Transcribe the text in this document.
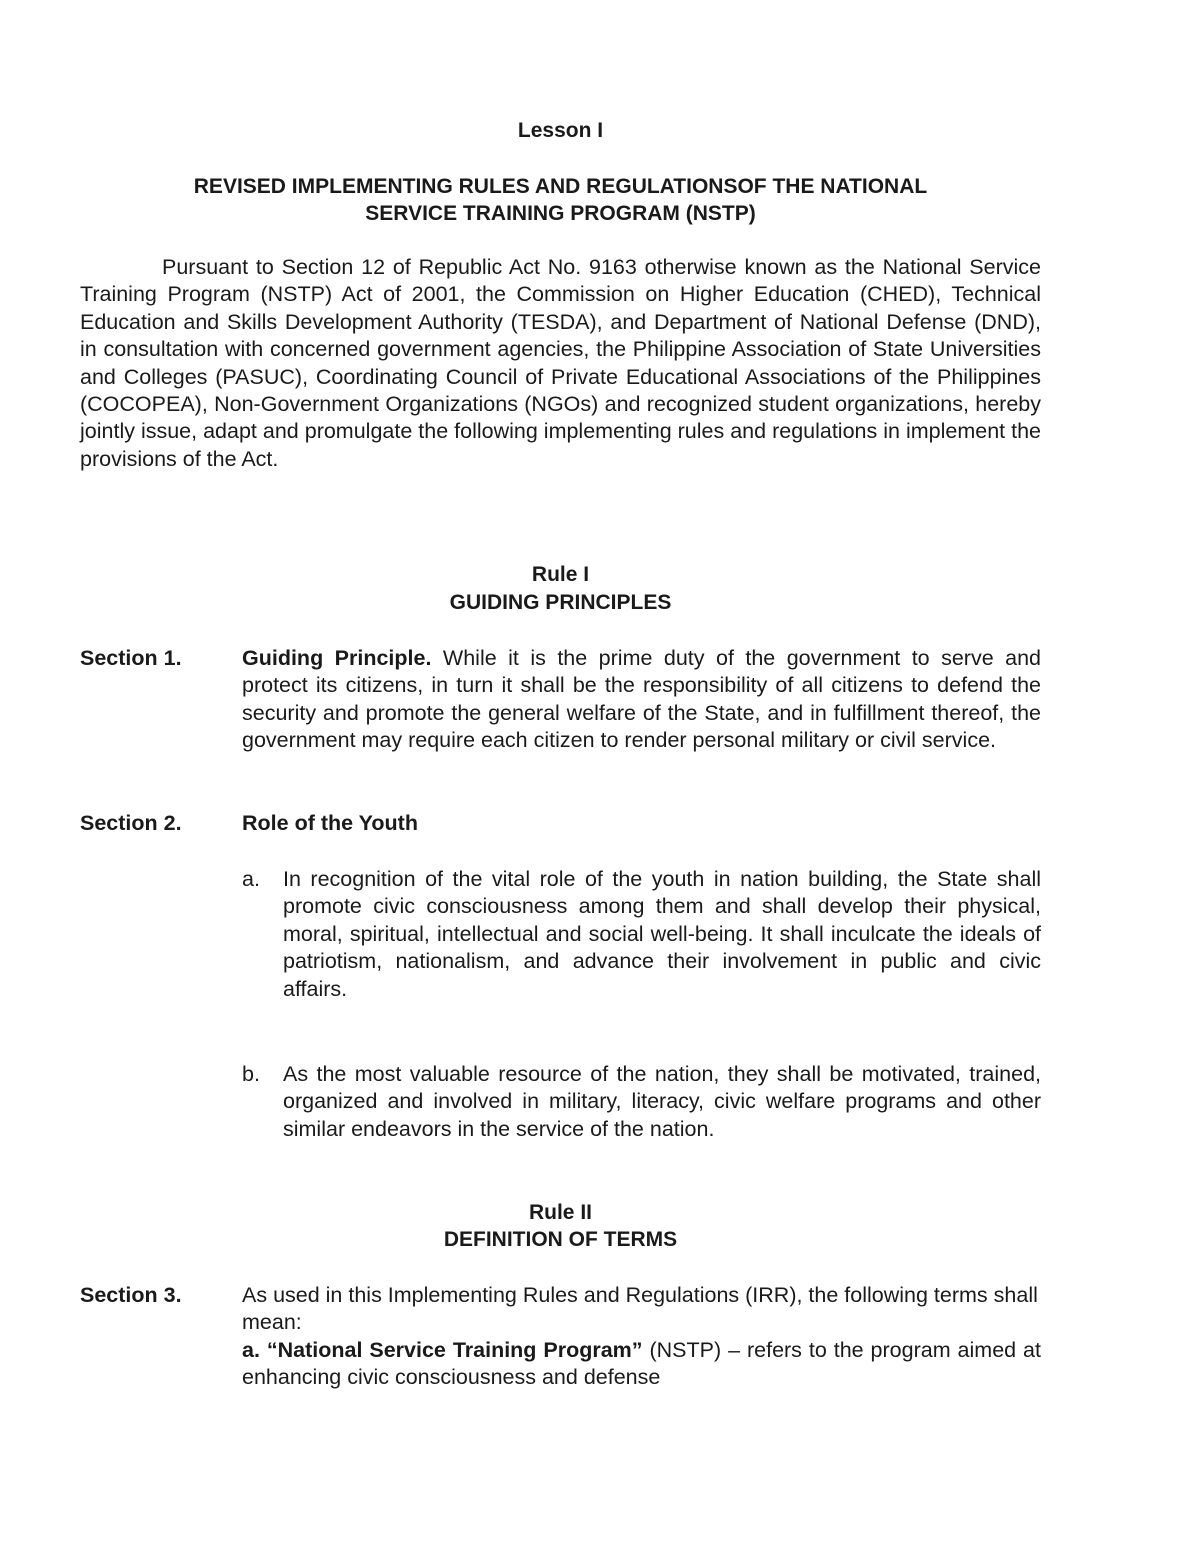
Lesson I

REVISED IMPLEMENTING RULES AND REGULATIONSOF THE NATIONAL

SERVICE TRAINING PROGRAM (NSTP)

Pursuant to Section 12 of Republic Act No. 9163 otherwise known as the National Service Training Program (NSTP) Act of 2001, the Commission on Higher Education (CHED), Technical Education and Skills Development Authority (TESDA), and Department of National Defense (DND), in consultation with concerned government agencies, the Philippine Association of State Universities and Colleges (PASUC), Coordinating Council of Private Educational Associations of the Philippines (COCOPEA), Non-Government Organizations (NGOs) and recognized student organizations, hereby jointly issue, adapt and promulgate the following implementing rules and regulations in implement the provisions of the Act.

Rule I

GUIDING PRINCIPLES

Section 1.	Guiding Principle. While it is the prime duty of the government to serve and protect its citizens, in turn it shall be the responsibility of all citizens to defend the security and promote the general welfare of the State, and in fulfillment thereof, the government may require each citizen to render personal military or civil service.

Section 2.	Role of the Youth

a. In recognition of the vital role of the youth in nation building, the State shall promote civic consciousness among them and shall develop their physical, moral, spiritual, intellectual and social well-being. It shall inculcate the ideals of patriotism, nationalism, and advance their involvement in public and civic affairs.
b. As the most valuable resource of the nation, they shall be motivated, trained, organized and involved in military, literacy, civic welfare programs and other similar endeavors in the service of the nation.

Rule II

DEFINITION OF TERMS

Section 3.	As used in this Implementing Rules and Regulations (IRR), the following terms shall mean:

a. “National Service Training Program” (NSTP) – refers to the program aimed at enhancing civic consciousness and defense
